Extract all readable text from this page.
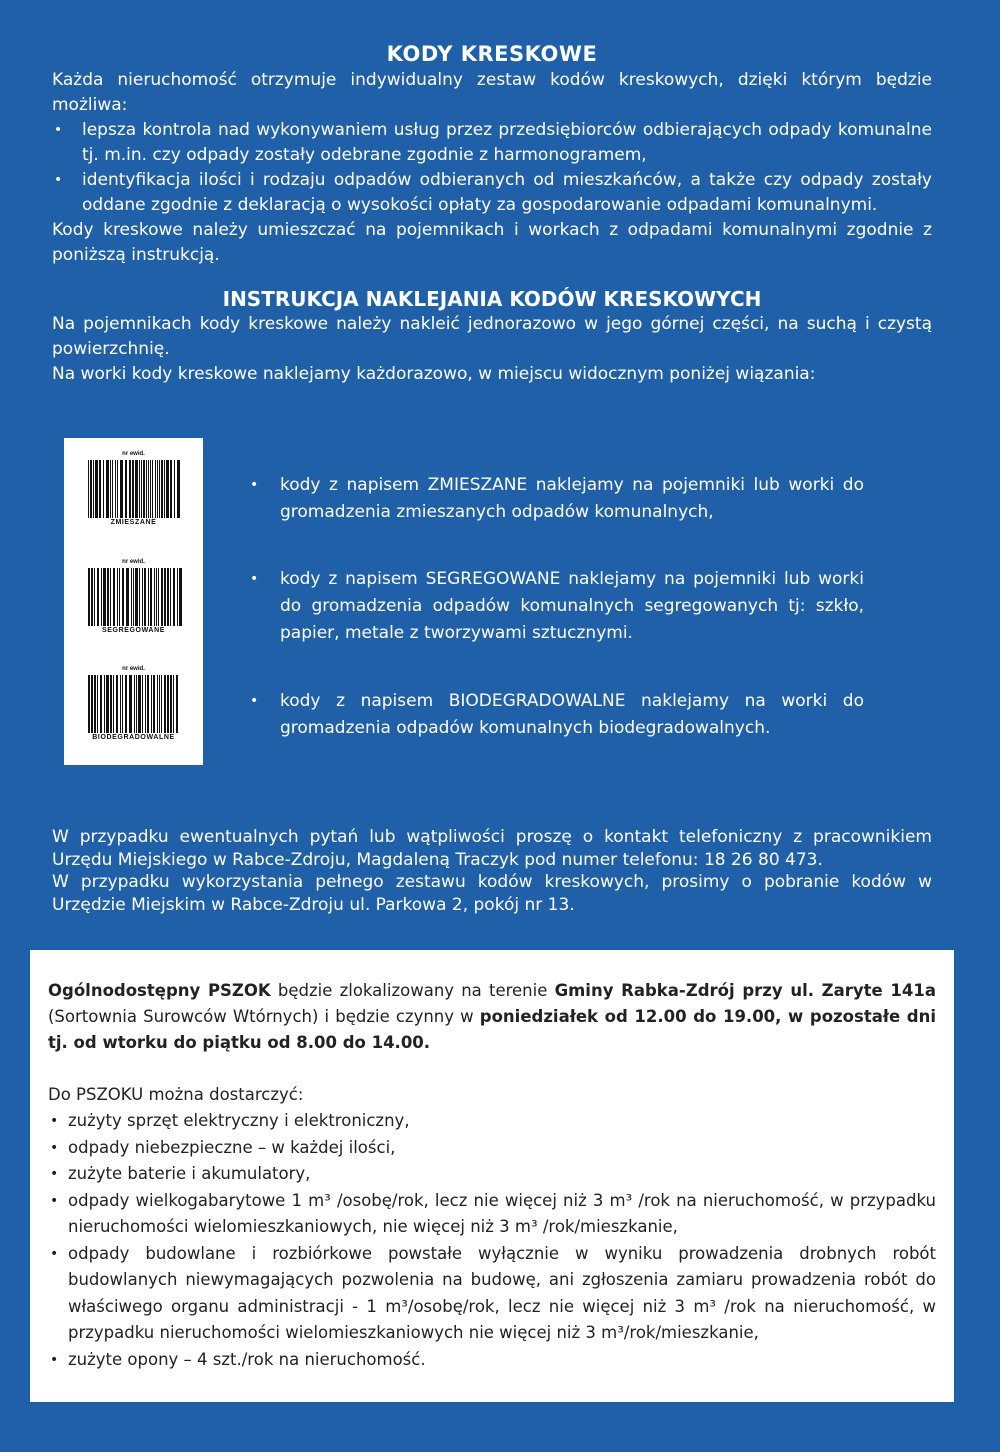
KODY KRESKOWE

Każda nieruchomość otrzymuje indywidualny zestaw kodów kreskowych, dzięki którym będzie możliwa:

• lepsza kontrola nad wykonywaniem usług przez przedsiębiorców odbierających odpady komunalne tj. m.in. czy odpady zostały odebrane zgodnie z harmonogramem,
• identyfikacja ilości i rodzaju odpadów odbieranych od mieszkańców, a także czy odpady zostały oddane zgodnie z deklaracją o wysokości opłaty za gospodarowanie odpadami komunalnymi.

Kody kreskowe należy umieszczać na pojemnikach i workach z odpadami komunalnymi zgodnie z poniższą instrukcją.

INSTRUKCJA NAKLEJANIA KODÓW KRESKOWYCH

Na pojemnikach kody kreskowe należy nakleić jednorazowo w jego górnej części, na suchą i czystą powierzchnię.

Na worki kody kreskowe naklejamy każdorazowo, w miejscu widocznym poniżej wiązania:

nr ewid.
ZMIESZANE
nr ewid.
SEGREGOWANE
nr ewid.
BIODEGRADOWALNE
• kody z napisem ZMIESZANE naklejamy na pojemniki lub worki do gromadzenia zmieszanych odpadów komunalnych,
• kody z napisem SEGREGOWANE naklejamy na pojemniki lub worki do gromadzenia odpadów komunalnych segregowanych tj: szkło, papier, metale z tworzywami sztucznymi.
• kody z napisem BIODEGRADOWALNE naklejamy na worki do gromadzenia odpadów komunalnych biodegradowalnych.

W przypadku ewentualnych pytań lub wątpliwości proszę o kontakt telefoniczny z pracownikiem Urzędu Miejskiego w Rabce-Zdroju, Magdaleną Traczyk pod numer telefonu: 18 26 80 473.

W przypadku wykorzystania pełnego zestawu kodów kreskowych, prosimy o pobranie kodów w Urzędzie Miejskim w Rabce-Zdroju ul. Parkowa 2, pokój nr 13.

Ogólnodostępny PSZOK będzie zlokalizowany na terenie Gminy Rabka-Zdrój przy ul. Zaryte 141a (Sortownia Surowców Wtórnych) i będzie czynny w poniedziałek od 12.00 do 19.00, w pozostałe dni tj. od wtorku do piątku od 8.00 do 14.00.

Do PSZOKU można dostarczyć:

• zużyty sprzęt elektryczny i elektroniczny,
• odpady niebezpieczne – w każdej ilości,
• zużyte baterie i akumulatory,
• odpady wielkogabarytowe 1 m³ /osobę/rok, lecz nie więcej niż 3 m³ /rok na nieruchomość, w przypadku nieruchomości wielomieszkaniowych, nie więcej niż 3 m³ /rok/mieszkanie,
• odpady budowlane i rozbiórkowe powstałe wyłącznie w wyniku prowadzenia drobnych robót budowlanych niewymagających pozwolenia na budowę, ani zgłoszenia zamiaru prowadzenia robót do właściwego organu administracji - 1 m³/osobę/rok, lecz nie więcej niż 3 m³ /rok na nieruchomość, w przypadku nieruchomości wielomieszkaniowych nie więcej niż 3 m³/rok/mieszkanie,
• zużyte opony – 4 szt./rok na nieruchomość.
